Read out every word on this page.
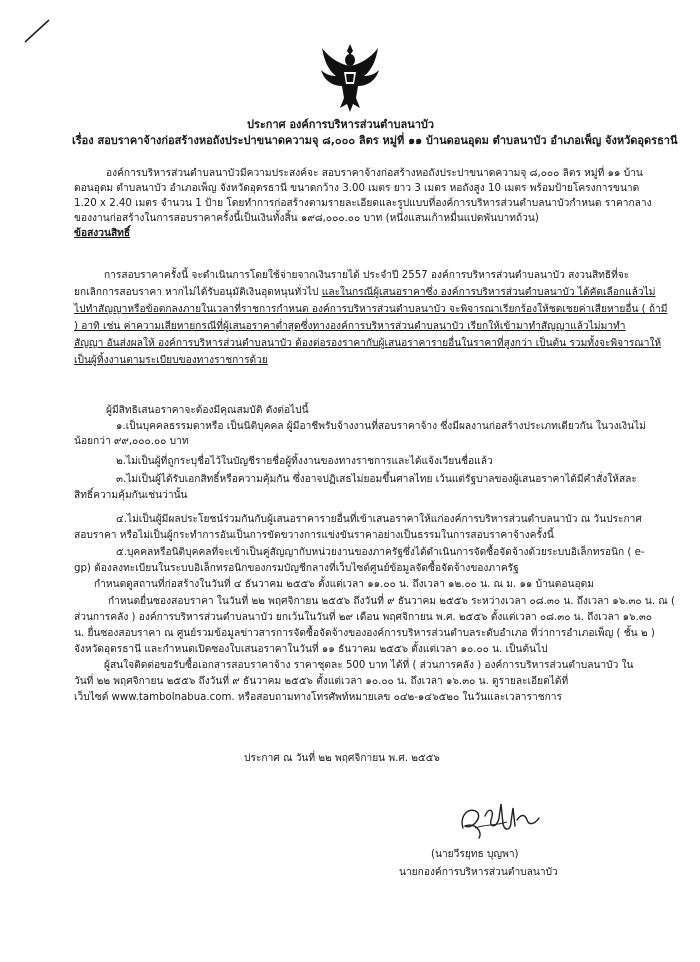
ประกาศ องค์การบริหารส่วนตำบลนาบัว
เรื่อง สอบราคาจ้างก่อสร้างหอถังประปาขนาดความจุ ๘,๐๐๐ ลิตร หมู่ที่ ๑๑ บ้านดอนอุดม ตำบลนาบัว อำเภอเพ็ญ จังหวัดอุดรธานี
องค์การบริหารส่วนตำบลนาบัวมีความประสงค์จะ สอบราคาจ้างก่อสร้างหอถังประปาขนาดความจุ ๘,๐๐๐ ลิตร หมู่ที่ ๑๑ บ้าน
ดอนอุดม ตำบลนาบัว อำเภอเพ็ญ จังหวัดอุดรธานี ขนาดกว้าง 3.00 เมตร ยาว 3 เมตร หอถังสูง 10 เมตร พร้อมป้ายโครงการขนาด
1.20 x 2.40 เมตร จำนวน 1 ป้าย โดยทำการก่อสร้างตามรายละเอียดและรูปแบบที่องค์การบริหารส่วนตำบลนาบัวกำหนด ราคากลาง
ของงานก่อสร้างในการสอบราคาครั้งนี้เป็นเงินทั้งสิ้น ๑๙๘,๐๐๐.๐๐ บาท (หนึ่งแสนเก้าหมื่นแปดพันบาทถ้วน)
ข้อสงวนสิทธิ์
การสอบราคาครั้งนี้ จะดำเนินการโดยใช้จ่ายจากเงินรายได้ ประจำปี 2557 องค์การบริหารส่วนตำบลนาบัว สงวนสิทธิที่จะ
ยกเลิกการสอบราคา หากไม่ได้รับอนุมัติเงินอุดหนุนทั่วไป และในกรณีผู้เสนอราคาซึ่ง องค์การบริหารส่วนตำบลนาบัว ได้คัดเลือกแล้วไม่
ไปทำสัญญาหรือข้อตกลงภายในเวลาที่ราชการกำหนด องค์การบริหารส่วนตำบลนาบัว จะพิจารณาเรียกร้องให้ชดเชยค่าเสียหายอื่น ( ถ้ามี
) อาทิ เช่น ค่าความเสียหายกรณีที่ผู้เสนอราคาต่ำสุดซึ่งทางองค์การบริหารส่วนตำบลนาบัว เรียกให้เข้ามาทำสัญญาแล้วไม่มาทำ
สัญญา อันส่งผลให้ องค์การบริหารส่วนตำบลนาบัว ต้องต่อรองราคากับผู้เสนอราคารายอื่นในราคาที่สูงกว่า เป็นต้น รวมทั้งจะพิจารณาให้
เป็นผู้ทิ้งงานตามระเบียบของทางราชการด้วย
ผู้มีสิทธิเสนอราคาจะต้องมีคุณสมบัติ ดังต่อไปนี้
๑.เป็นบุคคลธรรมดาหรือ เป็นนิติบุคคล ผู้มีอาชีพรับจ้างงานที่สอบราคาจ้าง ซึ่งมีผลงานก่อสร้างประเภทเดียวกัน ในวงเงินไม่
น้อยกว่า ๙๙,๐๐๐.๐๐ บาท
๒.ไม่เป็นผู้ที่ถูกระบุชื่อไว้ในบัญชีรายชื่อผู้ทิ้งงานของทางราชการและได้แจ้งเวียนชื่อแล้ว
๓.ไม่เป็นผู้ได้รับเอกสิทธิ์หรือความคุ้มกัน ซึ่งอาจปฏิเสธไม่ยอมขึ้นศาลไทย เว้นแต่รัฐบาลของผู้เสนอราคาได้มีคำสั่งให้สละ
สิทธิ์ความคุ้มกันเช่นว่านั้น
๔.ไม่เป็นผู้มีผลประโยชน์ร่วมกันกับผู้เสนอราคารายอื่นที่เข้าเสนอราคาให้แก่องค์การบริหารส่วนตำบลนาบัว ณ วันประกาศ
สอบราคา หรือไม่เป็นผู้กระทำการอันเป็นการขัดขวางการแข่งขันราคาอย่างเป็นธรรมในการสอบราคาจ้างครั้งนี้
๕.บุคคลหรือนิติบุคคลที่จะเข้าเป็นคู่สัญญากับหน่วยงานของภาครัฐซึ่งได้ดำเนินการจัดซื้อจัดจ้างด้วยระบบอิเล็กทรอนิก ( e-
gp) ต้องลงทะเบียนในระบบอิเล็กทรอนิกของกรมบัญชีกลางที่เว็บไซต์ศูนย์ข้อมูลจัดซื้อจัดจ้างของภาครัฐ
กำหนดดูสถานที่ก่อสร้างในวันที่ ๔ ธันวาคม ๒๕๕๖ ตั้งแต่เวลา ๑๑.๐๐ น. ถึงเวลา ๑๒.๐๐ น. ณ ม. ๑๑ บ้านดอนอุดม
กำหนดยื่นซองสอบราคา ในวันที่ ๒๒ พฤศจิกายน ๒๕๕๖ ถึงวันที่ ๙ ธันวาคม ๒๕๕๖ ระหว่างเวลา ๐๘.๓๐ น. ถึงเวลา ๑๖.๓๐ น. ณ (
ส่วนการคลัง ) องค์การบริหารส่วนตำบลนาบัว ยกเว้นในวันที่ ๒๙ เดือน พฤศจิกายน พ.ศ. ๒๕๕๖ ตั้งแต่เวลา ๐๘.๓๐ น. ถึงเวลา ๑๖.๓๐
น. ยื่นซองสอบราคา ณ ศูนย์รวมข้อมูลข่าวสารการจัดซื้อจัดจ้างขององค์การบริหารส่วนตำบลระดับอำเภอ ที่ว่าการอำเภอเพ็ญ ( ชั้น ๒ )
จังหวัดอุดรธานี และกำหนดเปิดซองใบเสนอราคาในวันที่ ๑๑ ธันวาคม ๒๕๕๖ ตั้งแต่เวลา ๑๐.๐๐ น. เป็นต้นไป
ผู้สนใจติดต่อขอรับซื้อเอกสารสอบราคาจ้าง ราคาชุดละ 500 บาท ได้ที่ ( ส่วนการคลัง ) องค์การบริหารส่วนตำบลนาบัว ใน
วันที่ ๒๒ พฤศจิกายน ๒๕๕๖ ถึงวันที่ ๙ ธันวาคม ๒๕๕๖ ตั้งแต่เวลา ๑๐.๐๐ น. ถึงเวลา ๑๖.๓๐ น. ดูรายละเอียดได้ที่
เว็บไซต์ www.tambolnabua.com. หรือสอบถามทางโทรศัพท์หมายเลข ๐๔๒-๑๔๖๕๒๐ ในวันและเวลาราชการ
ประกาศ ณ วันที่ ๒๒ พฤศจิกายน พ.ศ. ๒๕๕๖
(นายวีรยุทธ บุญพา)
นายกองค์การบริหารส่วนตำบลนาบัว
